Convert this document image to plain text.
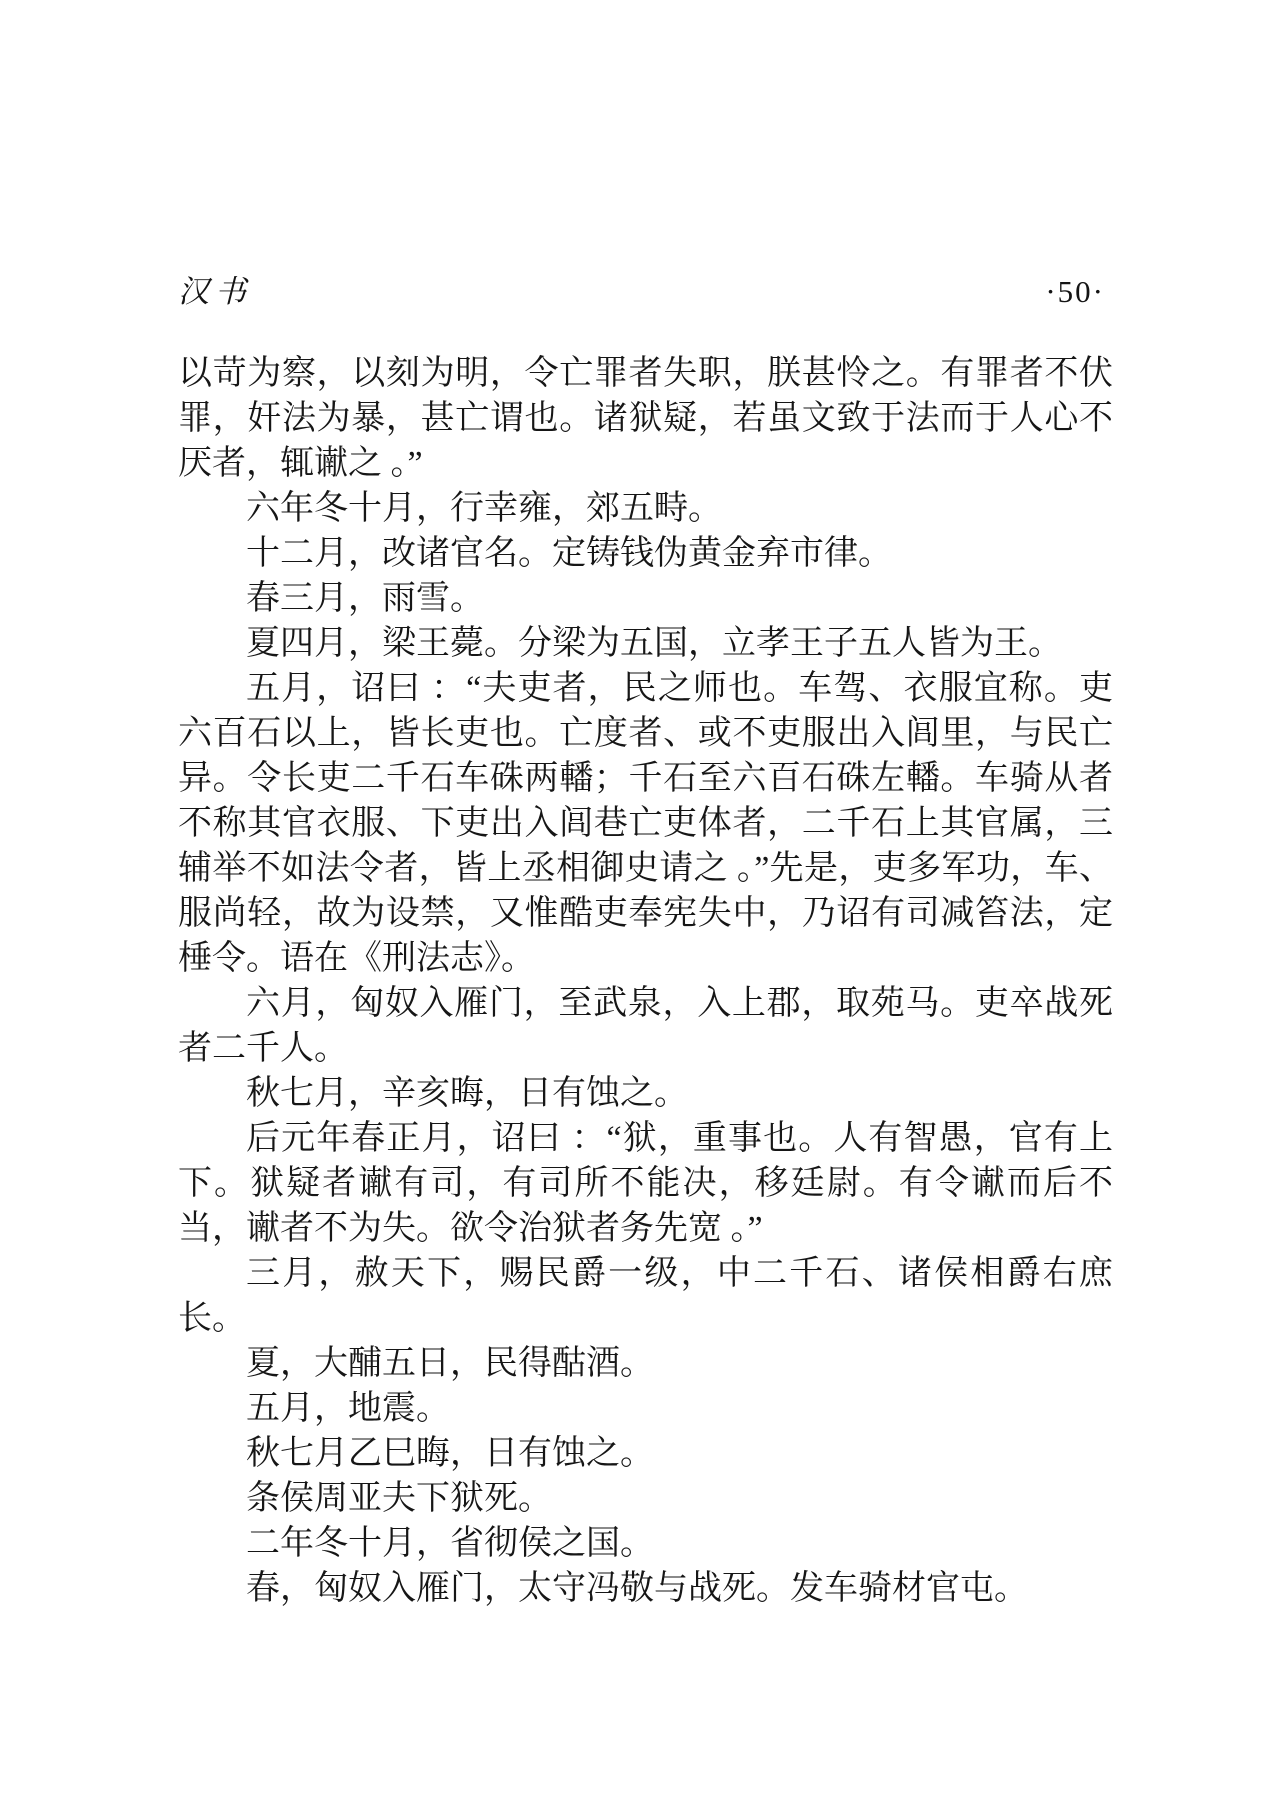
汉书	·50·

以苛为察，以刻为明，令亡罪者失职，朕甚怜之。有罪者不伏罪，奸法为暴，甚亡谓也。诸狱疑，若虽文致于法而于人心不厌者，辄谳之 。”

六年冬十月，行幸雍，郊五畤。

十二月，改诸官名。定铸钱伪黄金弃市律。

春三月，雨雪。

夏四月，梁王薨。分梁为五国，立孝王子五人皆为王。

五月，诏曰 ：“夫吏者，民之师也。车驾、衣服宜称。吏六百石以上，皆长吏也。亡度者、或不吏服出入闾里，与民亡异。令长吏二千石车硃两轓；千石至六百石硃左轓。车骑从者不称其官衣服、下吏出入闾巷亡吏体者，二千石上其官属，三辅举不如法令者，皆上丞相御史请之 。”先是，吏多军功，车、服尚轻，故为设禁，又惟酷吏奉宪失中，乃诏有司减笞法，定棰令。语在《刑法志》。

六月，匈奴入雁门，至武泉，入上郡，取苑马。吏卒战死者二千人。

秋七月，辛亥晦，日有蚀之。

后元年春正月，诏曰 ：“狱，重事也。人有智愚，官有上下。狱疑者谳有司，有司所不能决，移廷尉。有令谳而后不当，谳者不为失。欲令治狱者务先宽 。”

三月，赦天下，赐民爵一级，中二千石、诸侯相爵右庶长。

夏，大酺五日，民得酤酒。

五月，地震。

秋七月乙巳晦，日有蚀之。

条侯周亚夫下狱死。

二年冬十月，省彻侯之国。

春，匈奴入雁门，太守冯敬与战死。发车骑材官屯。
